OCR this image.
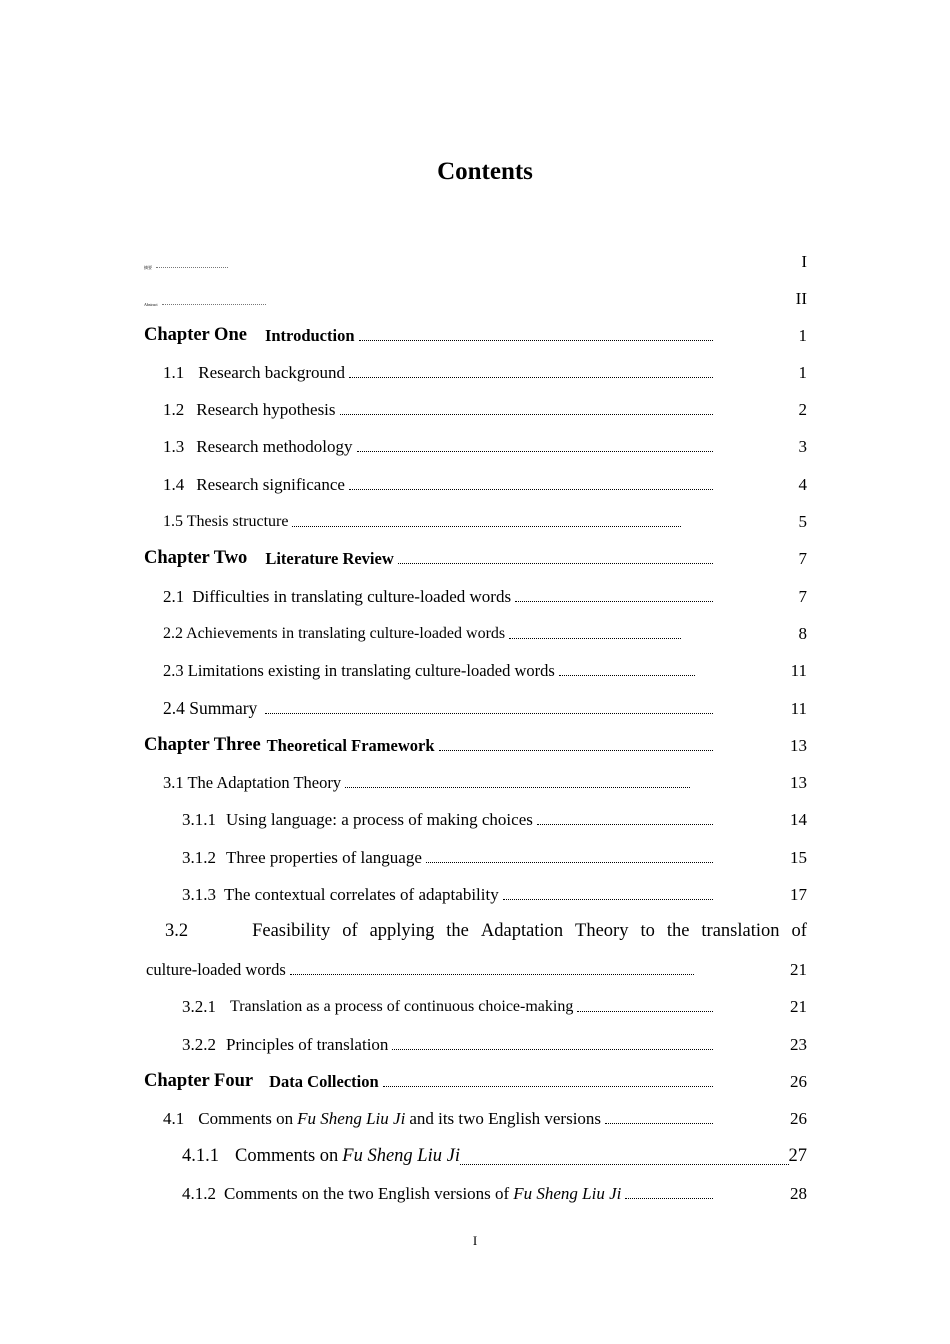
Contents
摘要	I
Abstract	II
Chapter One Introduction	1
1.1 Research background	1
1.2 Research hypothesis	2
1.3 Research methodology	3
1.4 Research significance	4
1.5 Thesis structure	5
Chapter Two Literature Review	7
2.1 Difficulties in translating culture-loaded words	7
2.2 Achievements in translating culture-loaded words	8
2.3 Limitations existing in translating culture-loaded words	11
2.4 Summary	11
Chapter Three Theoretical Framework	13
3.1 The Adaptation Theory	13
3.1.1 Using language: a process of making choices	14
3.1.2 Three properties of language	15
3.1.3 The contextual correlates of adaptability	17
3.2	Feasibility of applying the Adaptation Theory to the translation of
culture-loaded words	21
3.2.1 Translation as a process of continuous choice-making	21
3.2.2 Principles of translation	23
Chapter Four Data Collection	26
4.1 Comments on Fu Sheng Liu Ji and its two English versions	26
4.1.1 Comments on Fu Sheng Liu Ji	27
4.1.2 Comments on the two English versions of Fu Sheng Liu Ji	28
I
